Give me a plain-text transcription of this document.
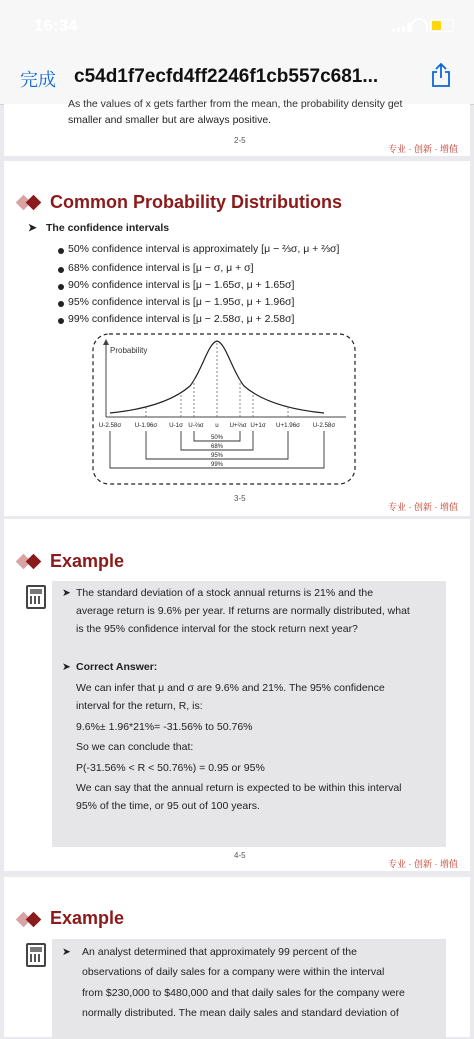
16:34
完成 c54d1f7ecfd4ff2246f1cb557c681...
As the values of x gets farther from the mean, the probability density get
smaller and smaller but are always positive.
2-5
专业 · 创新 · 增值
Common Probability Distributions
➤ The confidence intervals
50% confidence interval is approximately [μ − ⅔σ, μ + ⅔σ]
68% confidence interval is [μ − σ, μ + σ]
90% confidence interval is [μ − 1.65σ, μ + 1.65σ]
95% confidence interval is [μ − 1.95σ, μ + 1.96σ]
99% confidence interval is [μ − 2.58σ, μ + 2.58σ]
Probability
U-2.58σ U-1.96σ U-1σ U-⅔σ u U+⅔σ U+1σ U+1.96σ U-2.58σ
50%
68%
95%
99%
3-5
专业 · 创新 · 增值
Example
➤ The standard deviation of a stock annual returns is 21% and the
average return is 9.6% per year. If returns are normally distributed, what
is the 95% confidence interval for the stock return next year?
➤ Correct Answer:
We can infer that μ and σ are 9.6% and 21%. The 95% confidence
interval for the return, R, is:
9.6%± 1.96*21%= -31.56% to 50.76%
So we can conclude that:
P(-31.56% < R < 50.76%) = 0.95 or 95%
We can say that the annual return is expected to be within this interval
95% of the time, or 95 out of 100 years.
4-5
专业 · 创新 · 增值
Example
➤ An analyst determined that approximately 99 percent of the
observations of daily sales for a company were within the interval
from $230,000 to $480,000 and that daily sales for the company were
normally distributed. The mean daily sales and standard deviation of
